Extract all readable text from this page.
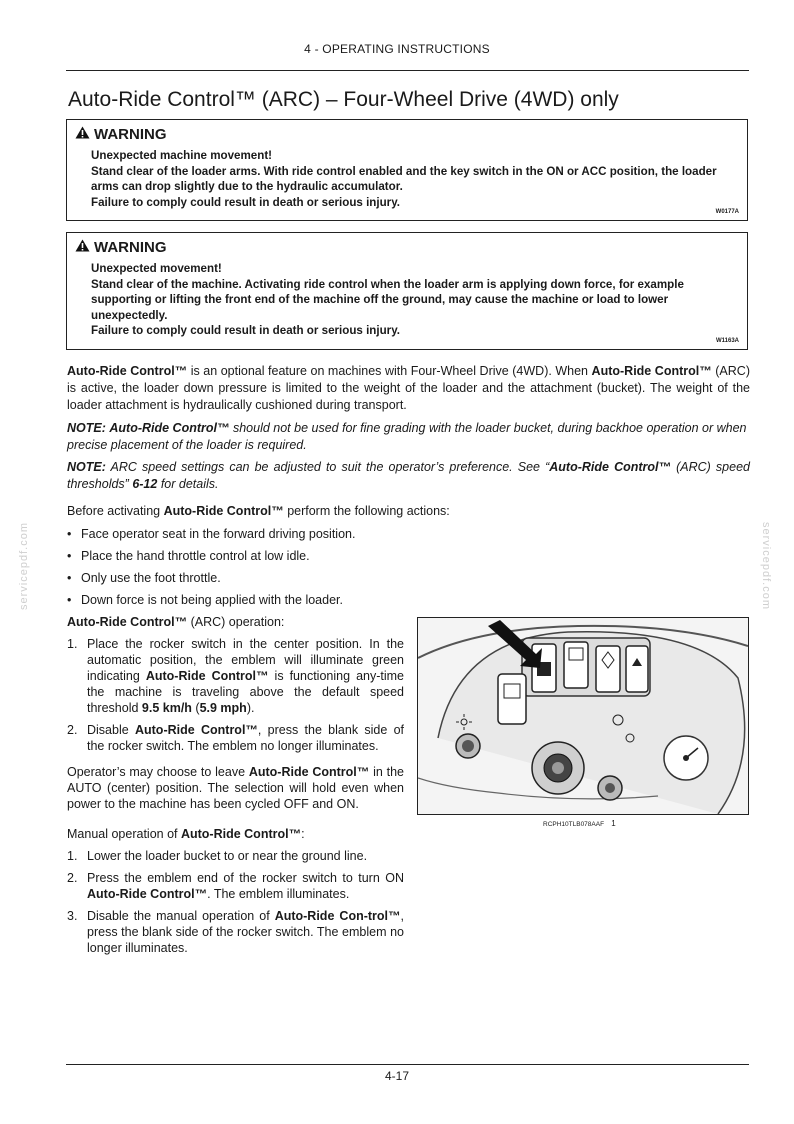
4 - OPERATING INSTRUCTIONS
Auto-Ride Control™ (ARC) – Four-Wheel Drive (4WD) only
WARNING
Unexpected machine movement!
Stand clear of the loader arms. With ride control enabled and the key switch in the ON or ACC position, the loader arms can drop slightly due to the hydraulic accumulator.
Failure to comply could result in death or serious injury.
W0177A
WARNING
Unexpected movement!
Stand clear of the machine. Activating ride control when the loader arm is applying down force, for example supporting or lifting the front end of the machine off the ground, may cause the machine or load to lower unexpectedly.
Failure to comply could result in death or serious injury.
W1163A
Auto-Ride Control™ is an optional feature on machines with Four-Wheel Drive (4WD). When Auto-Ride Control™ (ARC) is active, the loader down pressure is limited to the weight of the loader and the attachment (bucket). The weight of the loader attachment is hydraulically cushioned during transport.
NOTE: Auto-Ride Control™ should not be used for fine grading with the loader bucket, during backhoe operation or when precise placement of the loader is required.
NOTE: ARC speed settings can be adjusted to suit the operator’s preference. See “Auto-Ride Control™ (ARC) speed thresholds” 6-12 for details.
Before activating Auto-Ride Control™ perform the following actions:
• Face operator seat in the forward driving position.
• Place the hand throttle control at low idle.
• Only use the foot throttle.
• Down force is not being applied with the loader.
Auto-Ride Control™ (ARC) operation:
1. Place the rocker switch in the center position. In the automatic position, the emblem will illuminate green indicating Auto-Ride Control™ is functioning any-time the machine is traveling above the default speed threshold 9.5 km/h (5.9 mph).
2. Disable Auto-Ride Control™, press the blank side of the rocker switch. The emblem no longer illuminates.
Operator’s may choose to leave Auto-Ride Control™ in the AUTO (center) position. The selection will hold even when power to the machine has been cycled OFF and ON.
Manual operation of Auto-Ride Control™:
1. Lower the loader bucket to or near the ground line.
2. Press the emblem end of the rocker switch to turn ON Auto-Ride Control™. The emblem illuminates.
3. Disable the manual operation of Auto-Ride Con-trol™, press the blank side of the rocker switch. The emblem no longer illuminates.
RCPH10TLB078AAF 1
servicepdf.com	servicepdf.com
4-17
